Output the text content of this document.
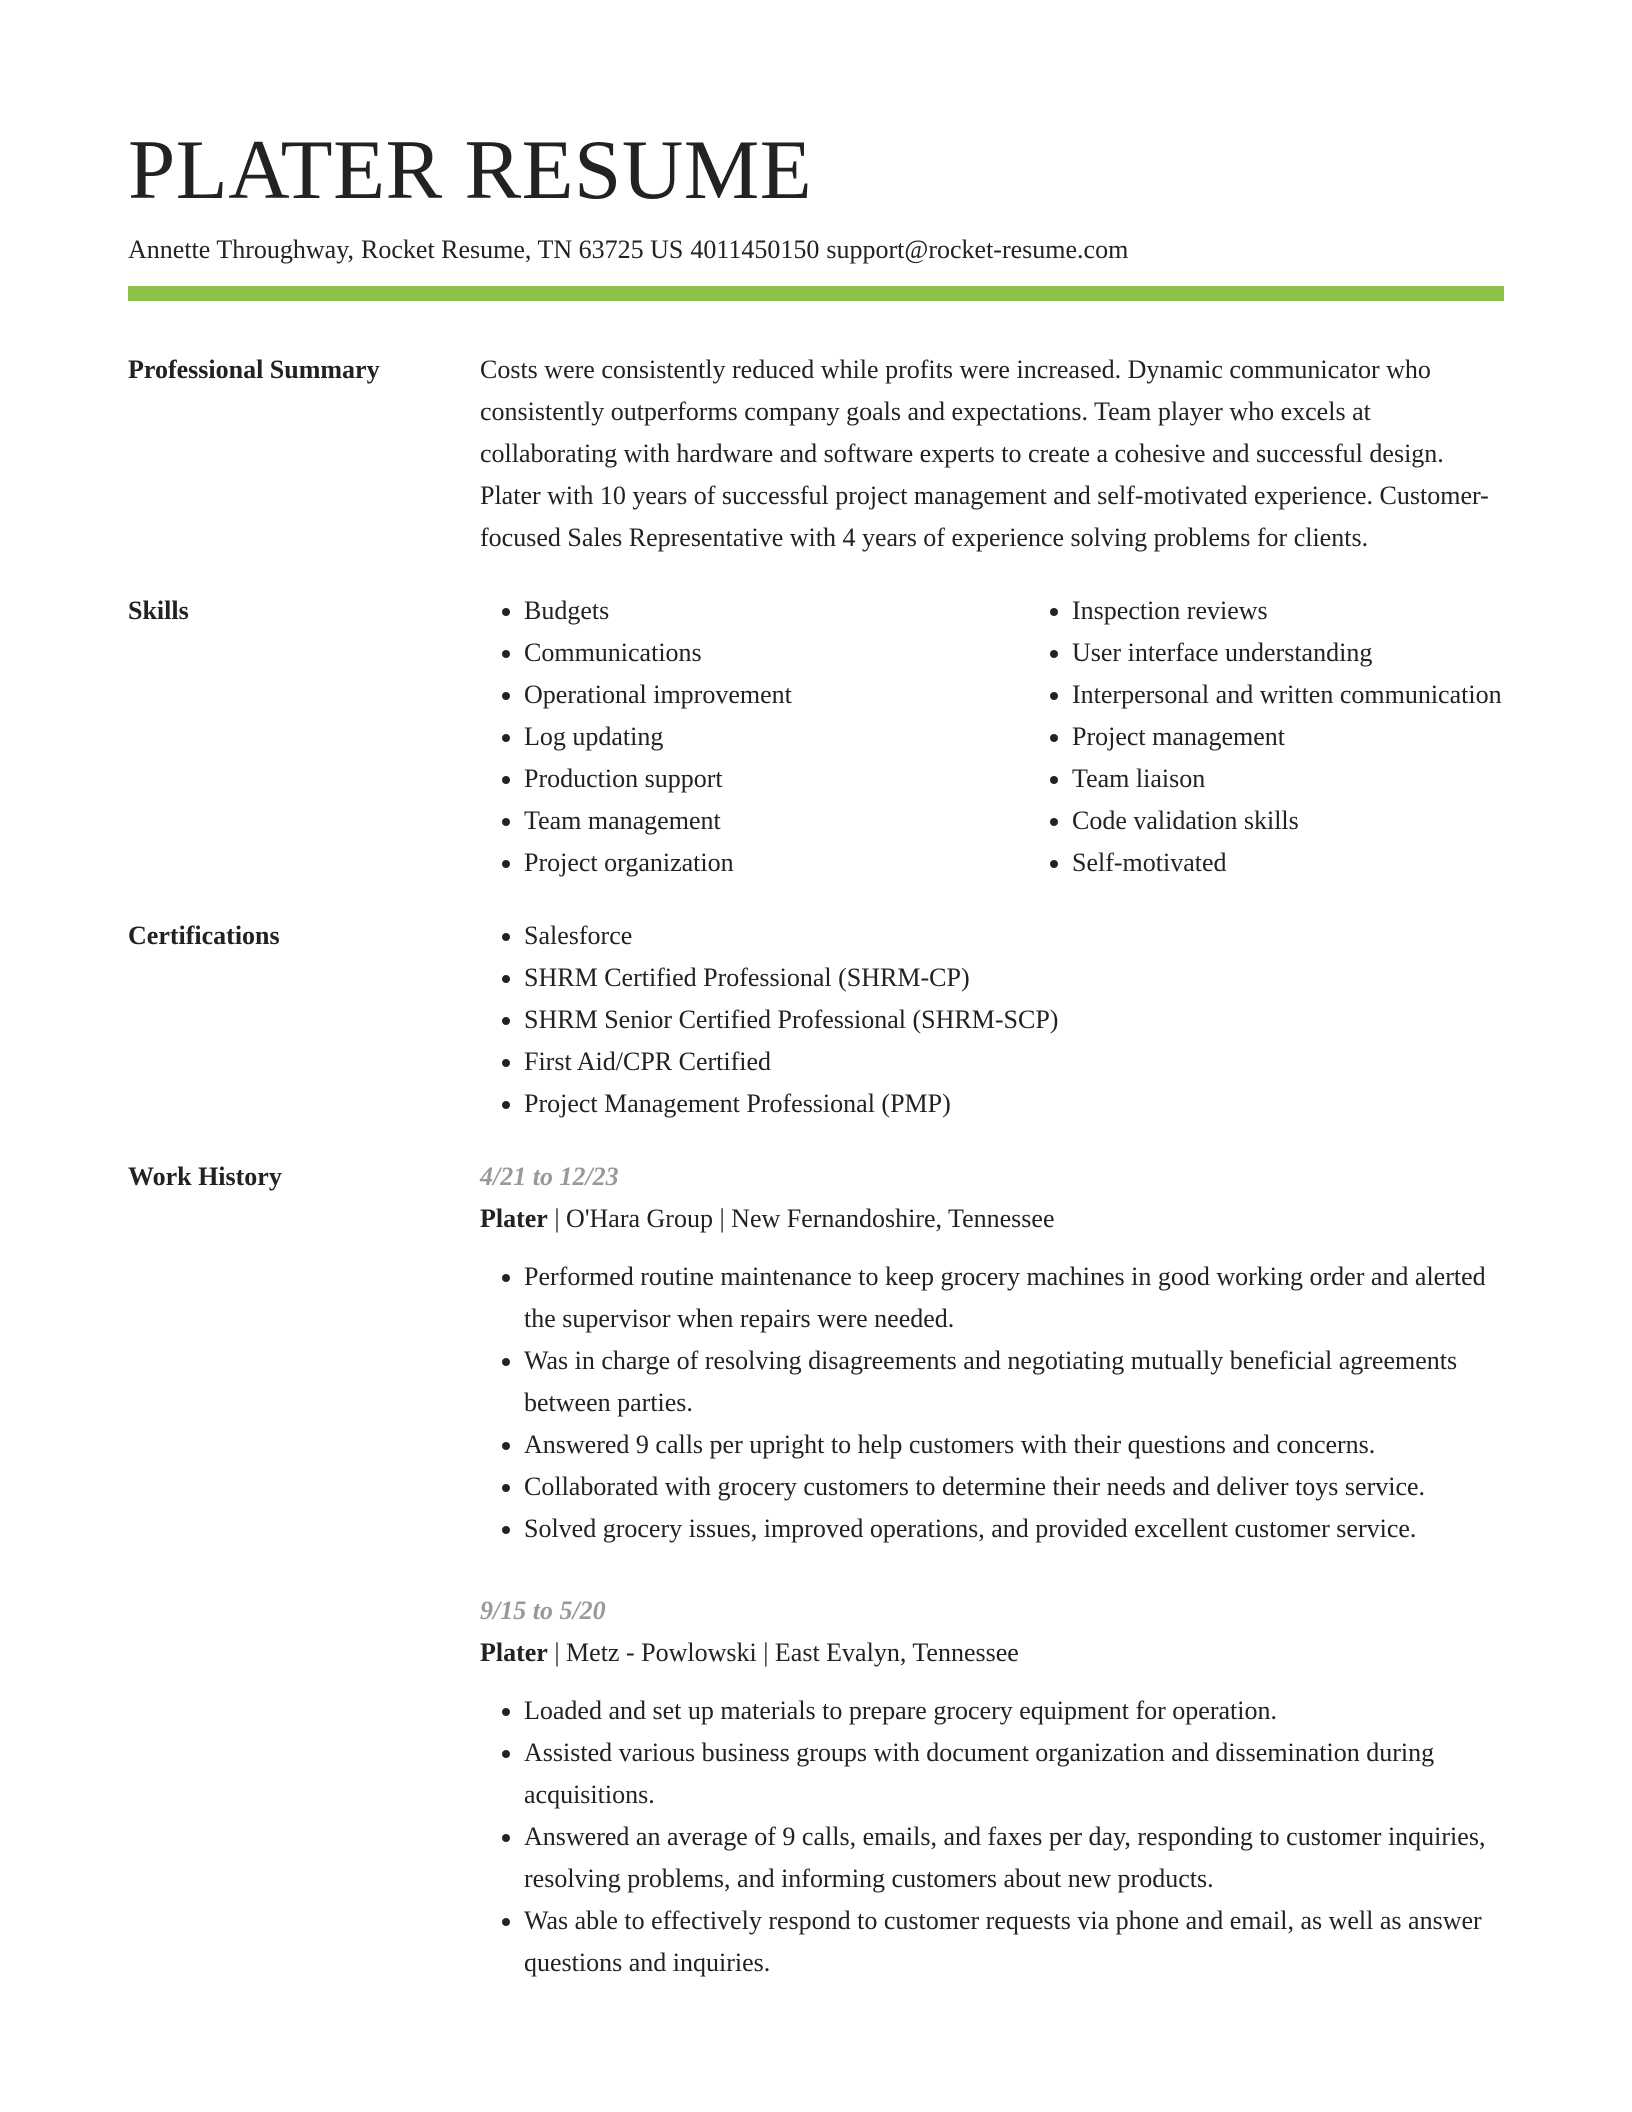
PLATER RESUME
Annette Throughway, Rocket Resume, TN 63725 US 4011450150 support@rocket-resume.com
Professional Summary	Costs were consistently reduced while profits were increased. Dynamic communicator who consistently outperforms company goals and expectations. Team player who excels at collaborating with hardware and software experts to create a cohesive and successful design. Plater with 10 years of successful project management and self-motivated experience. Customer-focused Sales Representative with 4 years of experience solving problems for clients.
Skills	• Budgets
• Communications
• Operational improvement
• Log updating
• Production support
• Team management
• Project organization
• Inspection reviews
• User interface understanding
• Interpersonal and written communication
• Project management
• Team liaison
• Code validation skills
• Self-motivated
Certifications	• Salesforce
• SHRM Certified Professional (SHRM-CP)
• SHRM Senior Certified Professional (SHRM-SCP)
• First Aid/CPR Certified
• Project Management Professional (PMP)
Work History	4/21 to 12/23
Plater | O'Hara Group | New Fernandoshire, Tennessee
• Performed routine maintenance to keep grocery machines in good working order and alerted the supervisor when repairs were needed.
• Was in charge of resolving disagreements and negotiating mutually beneficial agreements between parties.
• Answered 9 calls per upright to help customers with their questions and concerns.
• Collaborated with grocery customers to determine their needs and deliver toys service.
• Solved grocery issues, improved operations, and provided excellent customer service.
9/15 to 5/20
Plater | Metz - Powlowski | East Evalyn, Tennessee
• Loaded and set up materials to prepare grocery equipment for operation.
• Assisted various business groups with document organization and dissemination during acquisitions.
• Answered an average of 9 calls, emails, and faxes per day, responding to customer inquiries, resolving problems, and informing customers about new products.
• Was able to effectively respond to customer requests via phone and email, as well as answer questions and inquiries.
